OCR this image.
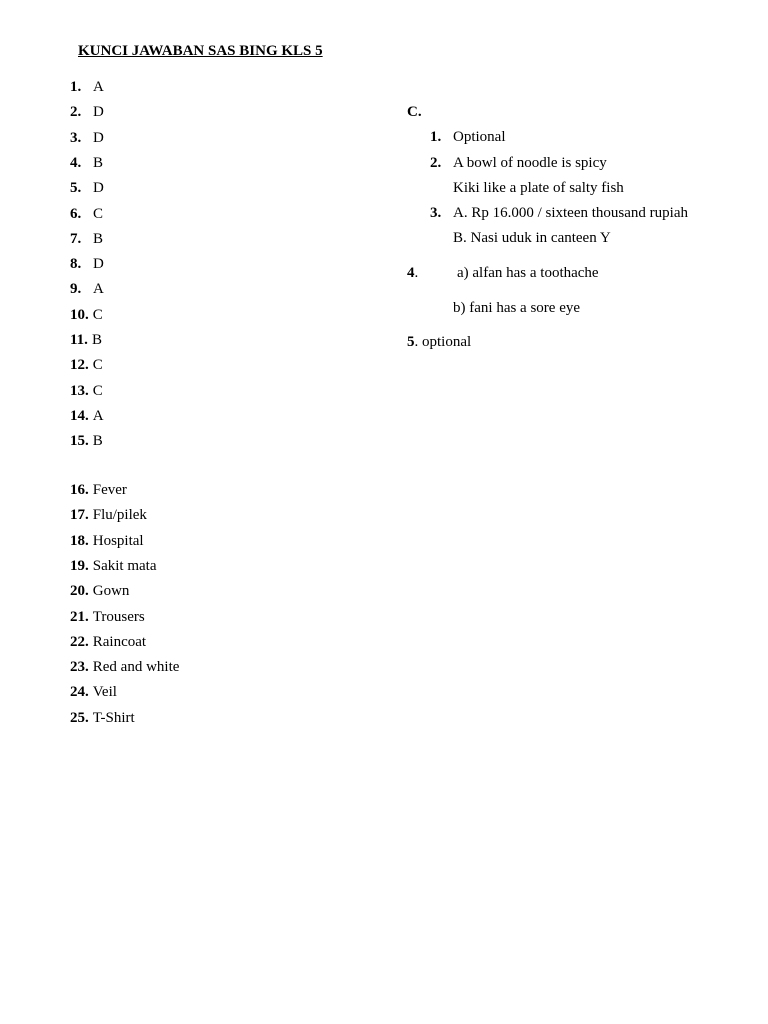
KUNCI JAWABAN SAS BING KLS 5
1. A
2. D
3. D
4. B
5. D
6. C
7. B
8. D
9. A
10. C
11. B
12. C
13. C
14. A
15. B
16. Fever
17. Flu/pilek
18. Hospital
19. Sakit mata
20. Gown
21. Trousers
22. Raincoat
23. Red and white
24. Veil
25. T-Shirt
C.
1. Optional
2. A bowl of noodle is spicy
Kiki like a plate of salty fish
3. A. Rp 16.000 / sixteen thousand rupiah
B. Nasi uduk in canteen Y
4.	a) alfan has a toothache
b) fani has a sore eye
5. optional
